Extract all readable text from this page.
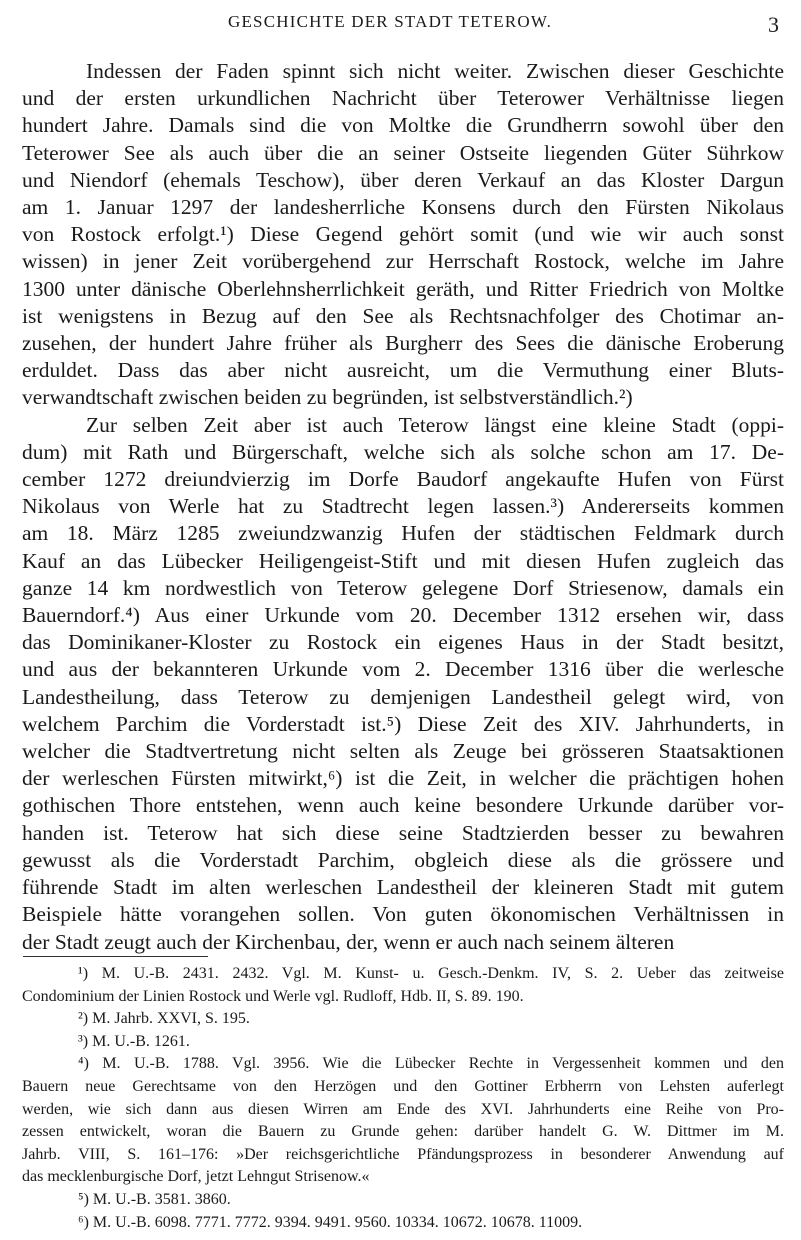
GESCHICHTE DER STADT TETEROW.	3
Indessen der Faden spinnt sich nicht weiter. Zwischen dieser Geschichte
und der ersten urkundlichen Nachricht über Teterower Verhältnisse liegen
hundert Jahre. Damals sind die von Moltke die Grundherrn sowohl über den
Teterower See als auch über die an seiner Ostseite liegenden Güter Sührkow
und Niendorf (ehemals Teschow), über deren Verkauf an das Kloster Dargun
am 1. Januar 1297 der landesherrliche Konsens durch den Fürsten Nikolaus
von Rostock erfolgt.¹) Diese Gegend gehört somit (und wie wir auch sonst
wissen) in jener Zeit vorübergehend zur Herrschaft Rostock, welche im Jahre
1300 unter dänische Oberlehnsherrlichkeit geräth, und Ritter Friedrich von Moltke
ist wenigstens in Bezug auf den See als Rechtsnachfolger des Chotimar an-
zusehen, der hundert Jahre früher als Burgherr des Sees die dänische Eroberung
erduldet. Dass das aber nicht ausreicht, um die Vermuthung einer Bluts-
verwandtschaft zwischen beiden zu begründen, ist selbstverständlich.²)
Zur selben Zeit aber ist auch Teterow längst eine kleine Stadt (oppi-
dum) mit Rath und Bürgerschaft, welche sich als solche schon am 17. De-
cember 1272 dreiundvierzig im Dorfe Baudorf angekaufte Hufen von Fürst
Nikolaus von Werle hat zu Stadtrecht legen lassen.³) Andererseits kommen
am 18. März 1285 zweiundzwanzig Hufen der städtischen Feldmark durch
Kauf an das Lübecker Heiligengeist-Stift und mit diesen Hufen zugleich das
ganze 14 km nordwestlich von Teterow gelegene Dorf Striesenow, damals ein
Bauerndorf.⁴) Aus einer Urkunde vom 20. December 1312 ersehen wir, dass
das Dominikaner-Kloster zu Rostock ein eigenes Haus in der Stadt besitzt,
und aus der bekannteren Urkunde vom 2. December 1316 über die werlesche
Landestheilung, dass Teterow zu demjenigen Landestheil gelegt wird, von
welchem Parchim die Vorderstadt ist.⁵) Diese Zeit des XIV. Jahrhunderts, in
welcher die Stadtvertretung nicht selten als Zeuge bei grösseren Staatsaktionen
der werleschen Fürsten mitwirkt,⁶) ist die Zeit, in welcher die prächtigen hohen
gothischen Thore entstehen, wenn auch keine besondere Urkunde darüber vor-
handen ist. Teterow hat sich diese seine Stadtzierden besser zu bewahren
gewusst als die Vorderstadt Parchim, obgleich diese als die grössere und
führende Stadt im alten werleschen Landestheil der kleineren Stadt mit gutem
Beispiele hätte vorangehen sollen. Von guten ökonomischen Verhältnissen in
der Stadt zeugt auch der Kirchenbau, der, wenn er auch nach seinem älteren
¹) M. U.-B. 2431. 2432. Vgl. M. Kunst- u. Gesch.-Denkm. IV, S. 2. Ueber das zeitweise
Condominium der Linien Rostock und Werle vgl. Rudloff, Hdb. II, S. 89. 190.
²) M. Jahrb. XXVI, S. 195.
³) M. U.-B. 1261.
⁴) M. U.-B. 1788. Vgl. 3956. Wie die Lübecker Rechte in Vergessenheit kommen und den
Bauern neue Gerechtsame von den Herzögen und den Gottiner Erbherrn von Lehsten auferlegt
werden, wie sich dann aus diesen Wirren am Ende des XVI. Jahrhunderts eine Reihe von Pro-
zessen entwickelt, woran die Bauern zu Grunde gehen: darüber handelt G. W. Dittmer im M.
Jahrb. VIII, S. 161–176: »Der reichsgerichtliche Pfändungsprozess in besonderer Anwendung auf
das mecklenburgische Dorf, jetzt Lehngut Strisenow.«
⁵) M. U.-B. 3581. 3860.
⁶) M. U.-B. 6098. 7771. 7772. 9394. 9491. 9560. 10334. 10672. 10678. 11009.
